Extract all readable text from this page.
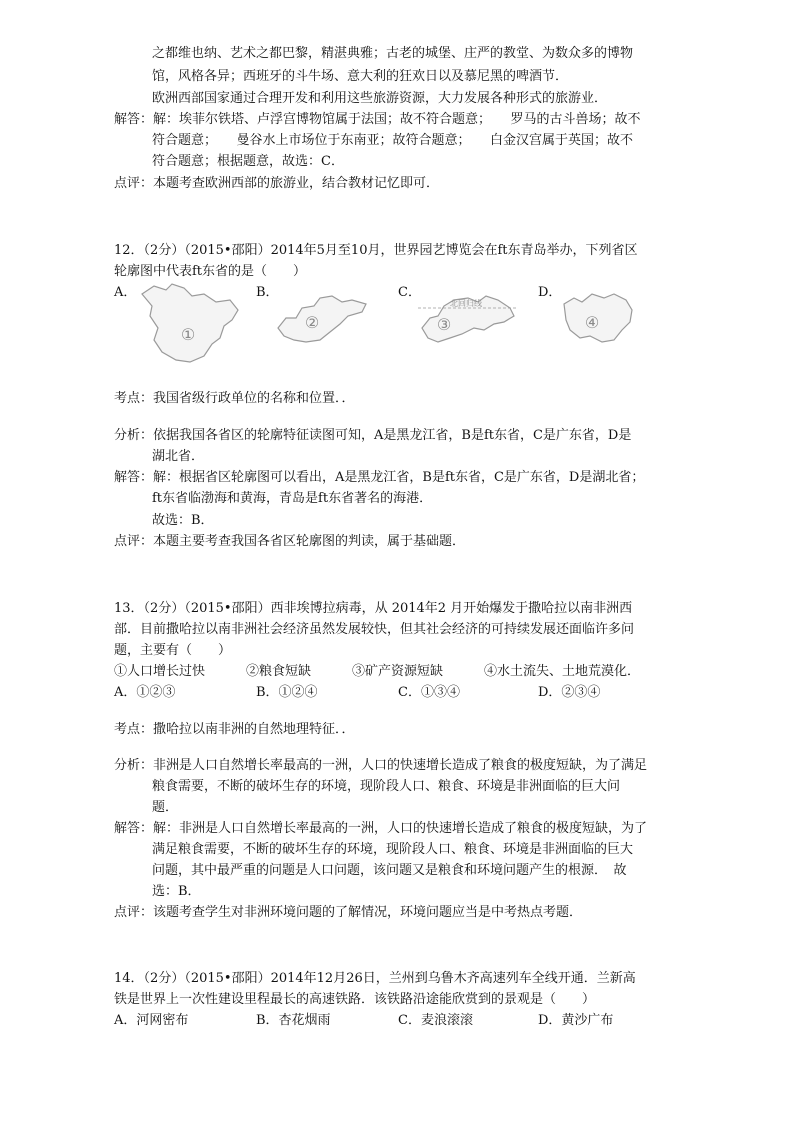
之都维也纳、艺术之都巴黎，精湛典雅；古老的城堡、庄严的教堂、为数众多的博物
馆，风格各异；西班牙的斗牛场、意大利的狂欢日以及慕尼黑的啤酒节．
欧洲西部国家通过合理开发和利用这些旅游资源，大力发展各种形式的旅游业．
解答：解：埃菲尔铁塔、卢浮宫博物馆属于法国；故不符合题意；　　罗马的古斗兽场；故不
符合题意；　　曼谷水上市场位于东南亚；故符合题意；　　白金汉宫属于英国；故不
符合题意；根据题意，故选：C．
点评：本题考查欧洲西部的旅游业，结合教材记忆即可．
12．（2分）（2015•邵阳）2014年5月至10月，世界园艺博览会在ft东青岛举办，下列省区
轮廓图中代表ft东省的是（　　）
A．	B．	C．	D．
①
②
北回归线
③	④
考点：我国省级行政单位的名称和位置．．
分析：依据我国各省区的轮廓特征读图可知，A是黑龙江省，B是ft东省，C是广东省，D是
湖北省．
解答：解：根据省区轮廓图可以看出，A是黑龙江省，B是ft东省，C是广东省，D是湖北省；
ft东省临渤海和黄海，青岛是ft东省著名的海港．
故选：B．
点评：本题主要考查我国各省区轮廓图的判读，属于基础题．
13．（2分）（2015•邵阳）西非埃博拉病毒，从 2014年2 月开始爆发于撒哈拉以南非洲西
部．目前撒哈拉以南非洲社会经济虽然发展较快，但其社会经济的可持续发展还面临许多问
题，主要有（　　）
①人口增长过快	②粮食短缺	③矿产资源短缺	④水土流失、土地荒漠化．
A．①②③	B．①②④	C．①③④	D．②③④
考点：撒哈拉以南非洲的自然地理特征．．
分析：非洲是人口自然增长率最高的一洲，人口的快速增长造成了粮食的极度短缺，为了满足
粮食需要，不断的破坏生存的环境，现阶段人口、粮食、环境是非洲面临的巨大问
题．
解答：解：非洲是人口自然增长率最高的一洲，人口的快速增长造成了粮食的极度短缺，为了
满足粮食需要，不断的破坏生存的环境，现阶段人口、粮食、环境是非洲面临的巨大
问题，其中最严重的问题是人口问题，该问题又是粮食和环境问题产生的根源．　故
选：B．
点评：该题考查学生对非洲环境问题的了解情况，环境问题应当是中考热点考题．
14．（2分）（2015•邵阳）2014年12月26日，兰州到乌鲁木齐高速列车全线开通．兰新高
铁是世界上一次性建设里程最长的高速铁路．该铁路沿途能欣赏到的景观是（　　）
A．河网密布	B．杏花烟雨	C．麦浪滚滚	D．黄沙广布
